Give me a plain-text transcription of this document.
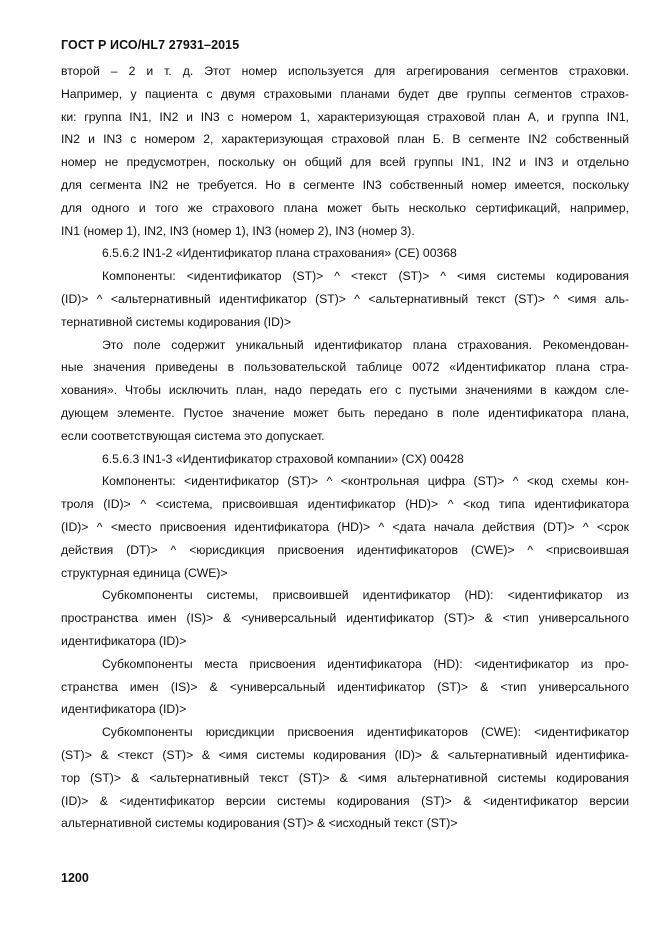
ГОСТ Р ИСО/HL7 27931–2015
второй – 2 и т. д. Этот номер используется для агрегирования сегментов страховки.
Например, у пациента с двумя страховыми планами будет две группы сегментов страхов-
ки: группа IN1, IN2 и IN3 с номером 1, характеризующая страховой план А, и группа IN1,
IN2 и IN3 с номером 2, характеризующая страховой план Б. В сегменте IN2 собственный
номер не предусмотрен, поскольку он общий для всей группы IN1, IN2 и IN3 и отдельно
для сегмента IN2 не требуется. Но в сегменте IN3 собственный номер имеется, поскольку
для одного и того же страхового плана может быть несколько сертификаций, например,
IN1 (номер 1), IN2, IN3 (номер 1), IN3 (номер 2), IN3 (номер 3).
6.5.6.2 IN1-2 «Идентификатор плана страхования» (CE) 00368
Компоненты: <идентификатор (ST)> ^ <текст (ST)> ^ <имя системы кодирования
(ID)> ^ <альтернативный идентификатор (ST)> ^ <альтернативный текст (ST)> ^ <имя аль-
тернативной системы кодирования (ID)>
Это поле содержит уникальный идентификатор плана страхования. Рекомендован-
ные значения приведены в пользовательской таблице 0072 «Идентификатор плана стра-
хования». Чтобы исключить план, надо передать его с пустыми значениями в каждом сле-
дующем элементе. Пустое значение может быть передано в поле идентификатора плана,
если соответствующая система это допускает.
6.5.6.3 IN1-3 «Идентификатор страховой компании» (CX) 00428
Компоненты: <идентификатор (ST)> ^ <контрольная цифра (ST)> ^ <код схемы кон-
троля (ID)> ^ <система, присвоившая идентификатор (HD)> ^ <код типа идентификатора
(ID)> ^ <место присвоения идентификатора (HD)> ^ <дата начала действия (DT)> ^ <срок
действия (DT)> ^ <юрисдикция присвоения идентификаторов (CWE)> ^ <присвоившая
структурная единица (CWE)>
Субкомпоненты системы, присвоившей идентификатор (HD): <идентификатор из
пространства имен (IS)> & <универсальный идентификатор (ST)> & <тип универсального
идентификатора (ID)>
Субкомпоненты места присвоения идентификатора (HD): <идентификатор из про-
странства имен (IS)> & <универсальный идентификатор (ST)> & <тип универсального
идентификатора (ID)>
Субкомпоненты юрисдикции присвоения идентификаторов (CWE): <идентификатор
(ST)> & <текст (ST)> & <имя системы кодирования (ID)> & <альтернативный идентифика-
тор (ST)> & <альтернативный текст (ST)> & <имя альтернативной системы кодирования
(ID)> & <идентификатор версии системы кодирования (ST)> & <идентификатор версии
альтернативной системы кодирования (ST)> & <исходный текст (ST)>
1200
